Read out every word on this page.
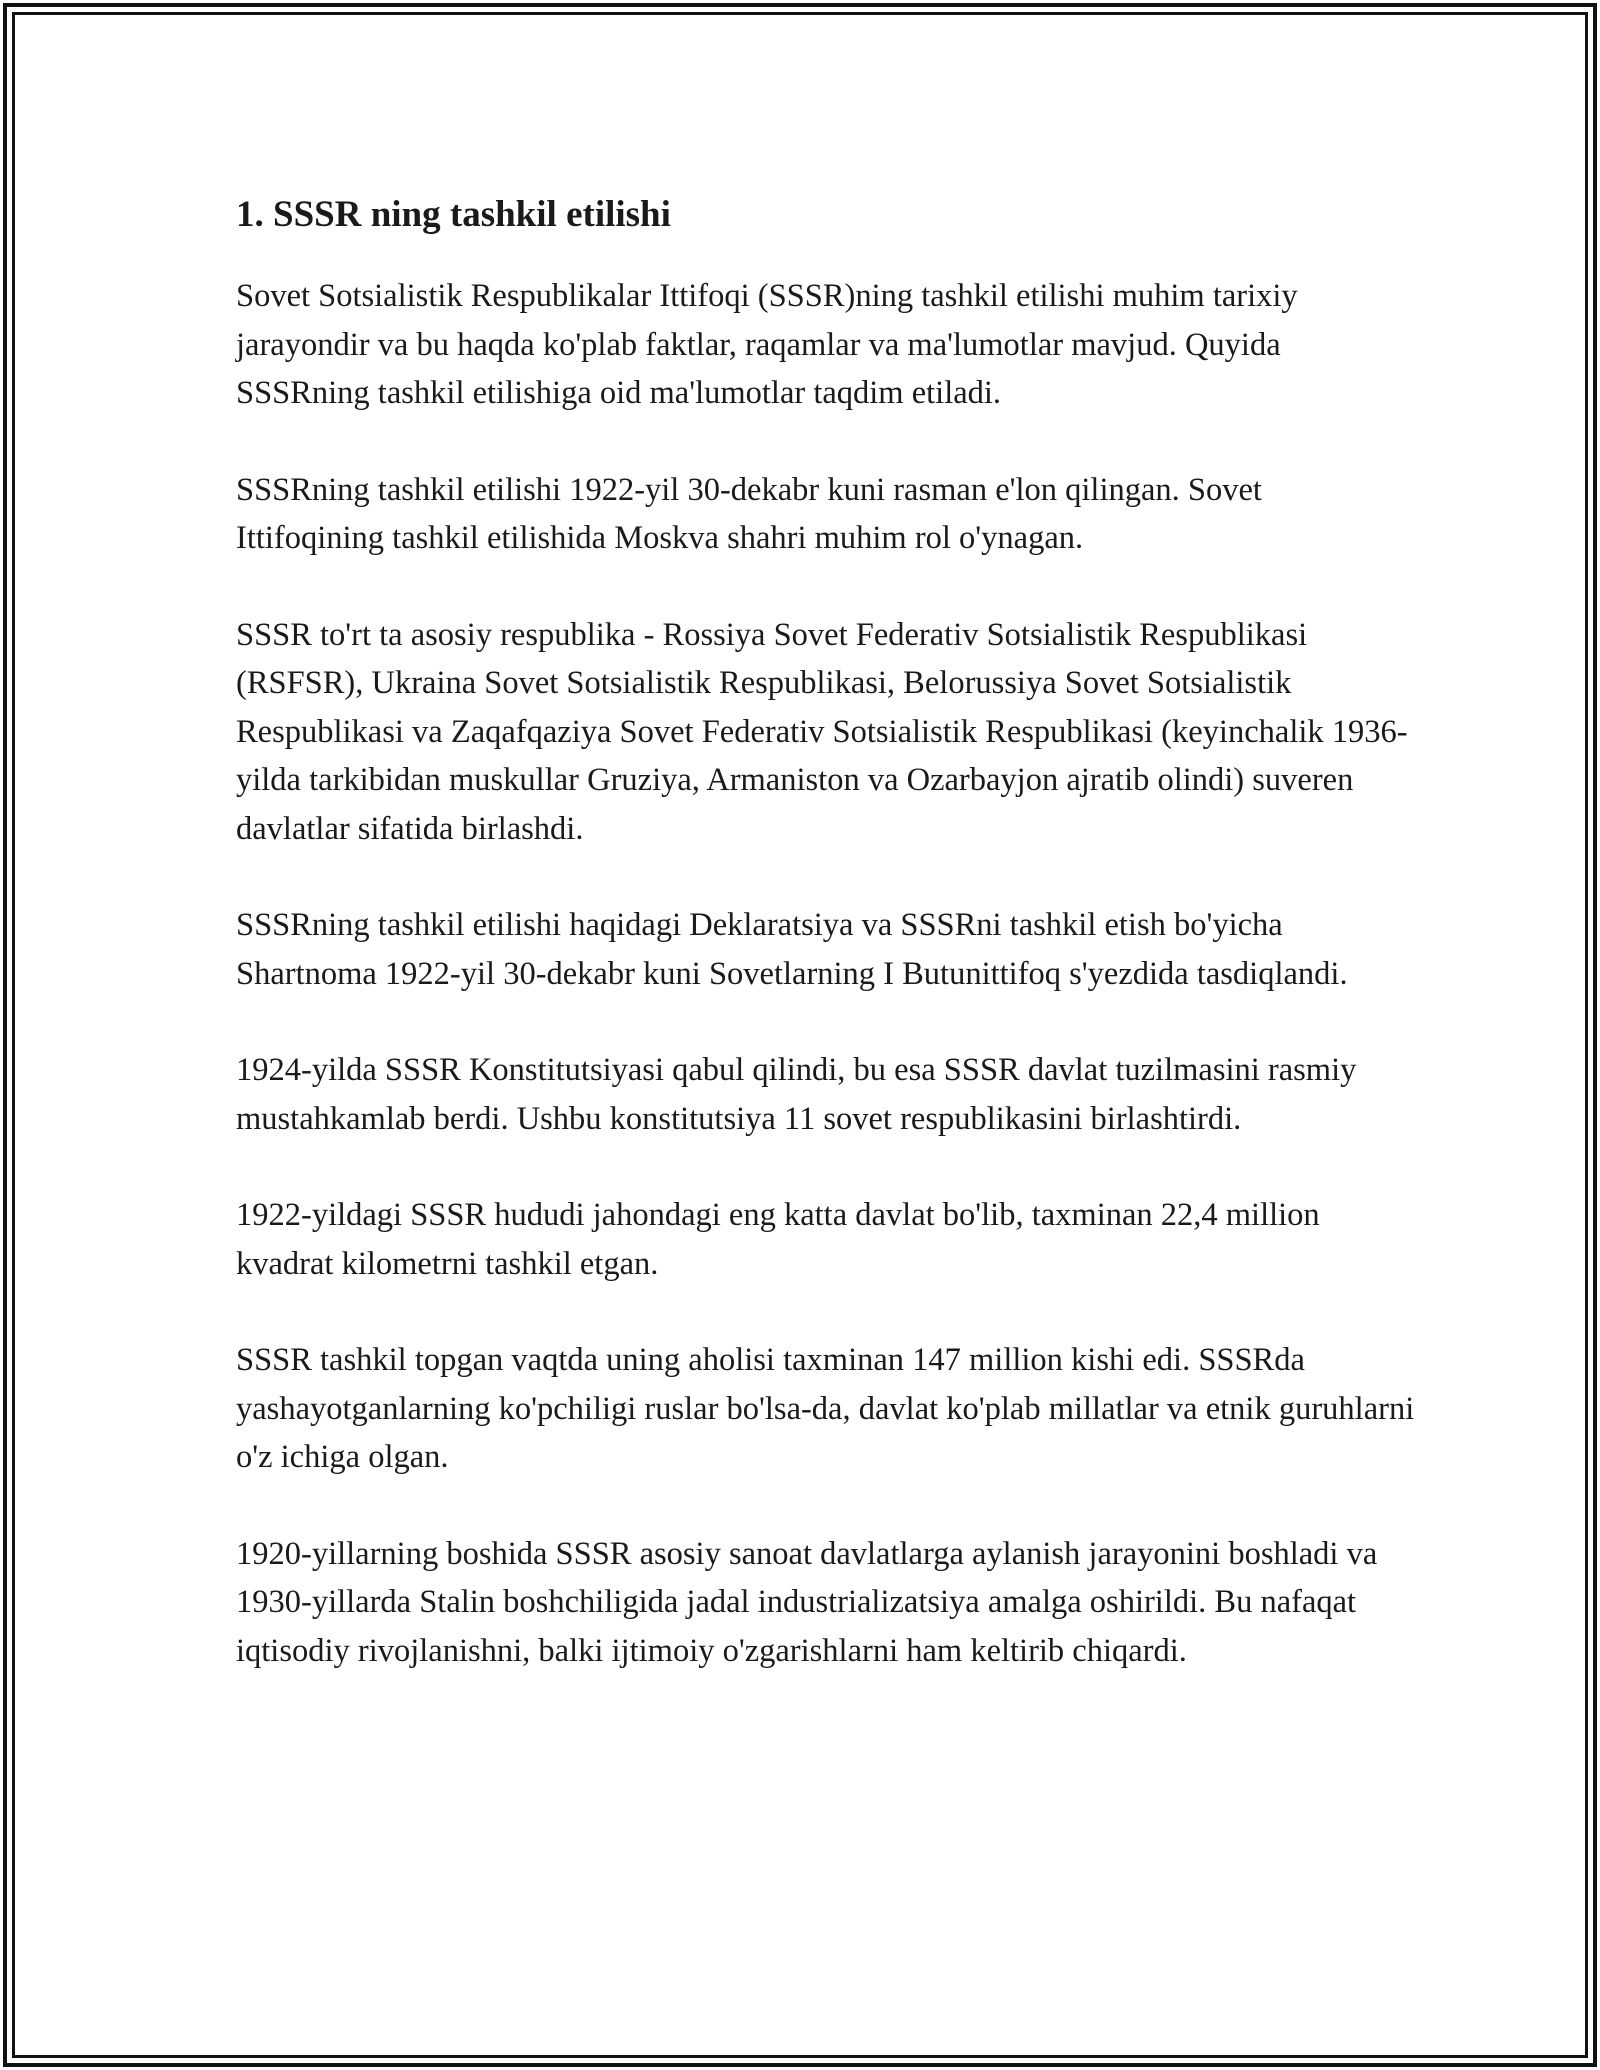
1. SSSR ning tashkil etilishi

Sovet Sotsialistik Respublikalar Ittifoqi (SSSR)ning tashkil etilishi muhim tarixiy jarayondir va bu haqda ko'plab faktlar, raqamlar va ma'lumotlar mavjud. Quyida SSSRning tashkil etilishiga oid ma'lumotlar taqdim etiladi.

SSSRning tashkil etilishi 1922-yil 30-dekabr kuni rasman e'lon qilingan. Sovet Ittifoqining tashkil etilishida Moskva shahri muhim rol o'ynagan.

SSSR to'rt ta asosiy respublika - Rossiya Sovet Federativ Sotsialistik Respublikasi (RSFSR), Ukraina Sovet Sotsialistik Respublikasi, Belorussiya Sovet Sotsialistik Respublikasi va Zaqafqaziya Sovet Federativ Sotsialistik Respublikasi (keyinchalik 1936-yilda tarkibidan muskullar Gruziya, Armaniston va Ozarbayjon ajratib olindi) suveren davlatlar sifatida birlashdi.

SSSRning tashkil etilishi haqidagi Deklaratsiya va SSSRni tashkil etish bo'yicha Shartnoma 1922-yil 30-dekabr kuni Sovetlarning I Butunittifoq s'yezdida tasdiqlandi.

1924-yilda SSSR Konstitutsiyasi qabul qilindi, bu esa SSSR davlat tuzilmasini rasmiy mustahkamlab berdi. Ushbu konstitutsiya 11 sovet respublikasini birlashtirdi.

1922-yildagi SSSR hududi jahondagi eng katta davlat bo'lib, taxminan 22,4 million kvadrat kilometrni tashkil etgan.

SSSR tashkil topgan vaqtda uning aholisi taxminan 147 million kishi edi. SSSRda yashayotganlarning ko'pchiligi ruslar bo'lsa-da, davlat ko'plab millatlar va etnik guruhlarni o'z ichiga olgan.

1920-yillarning boshida SSSR asosiy sanoat davlatlarga aylanish jarayonini boshladi va 1930-yillarda Stalin boshchiligida jadal industrializatsiya amalga oshirildi. Bu nafaqat iqtisodiy rivojlanishni, balki ijtimoiy o'zgarishlarni ham keltirib chiqardi.
